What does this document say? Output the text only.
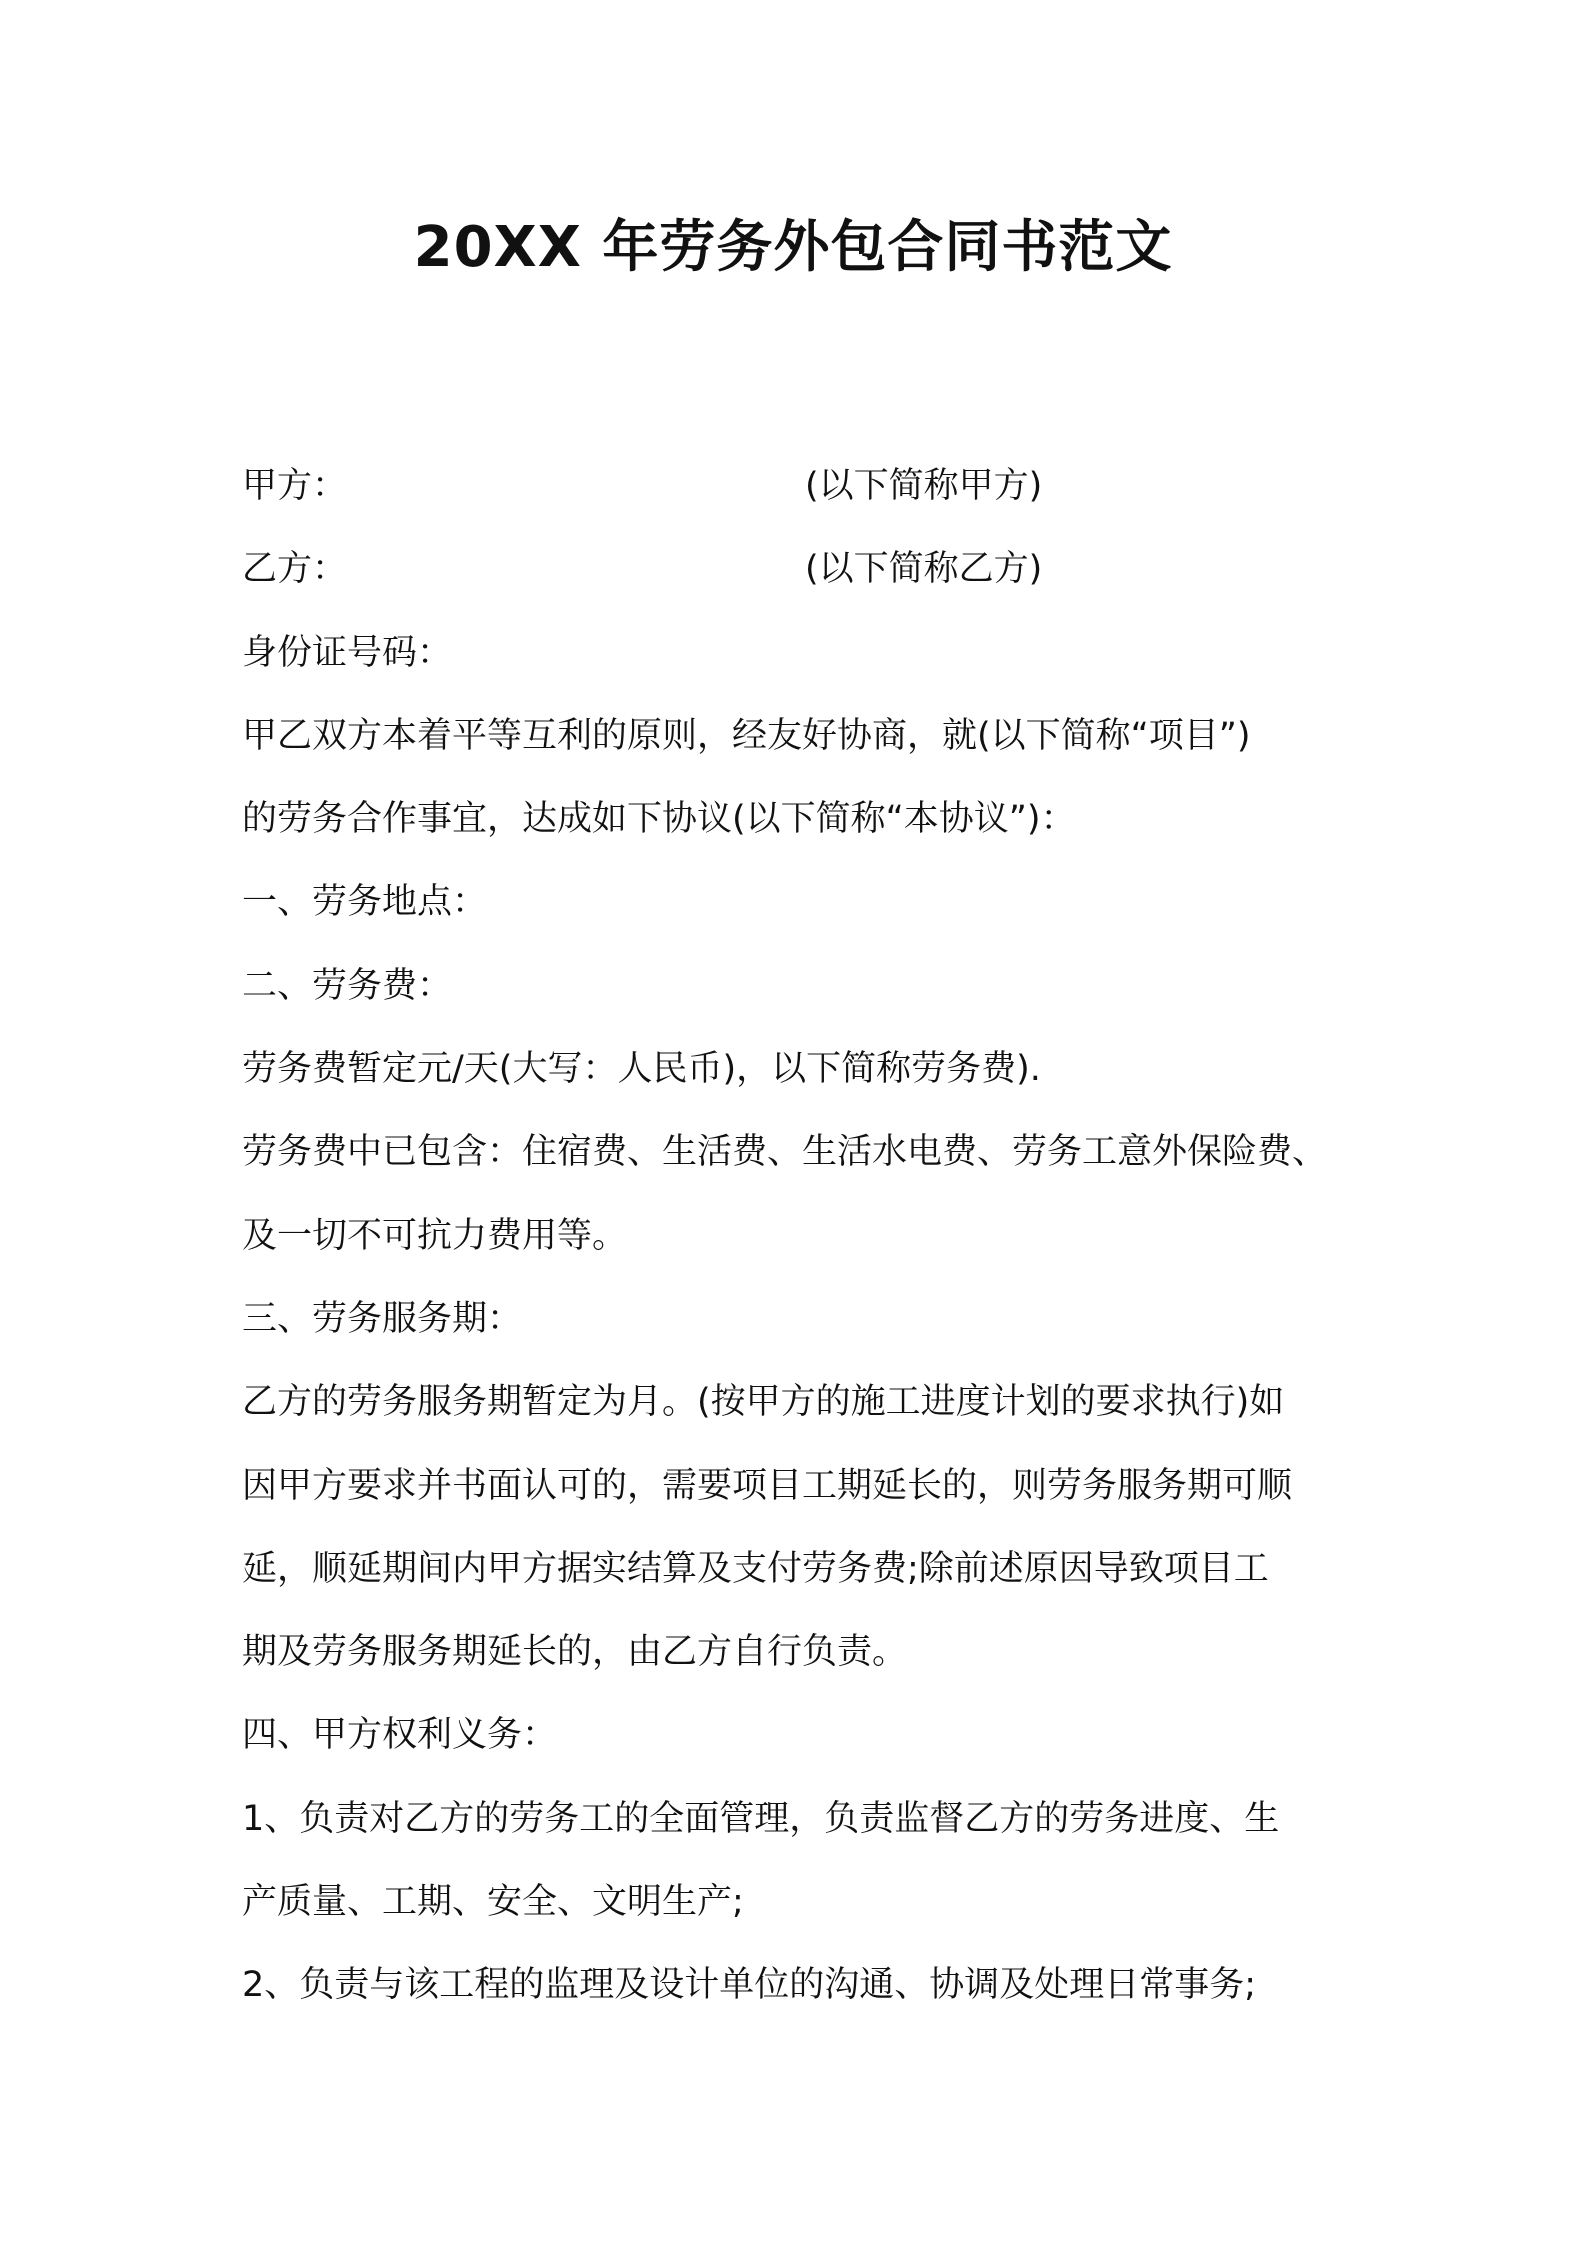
20XX 年劳务外包合同书范文
甲方：	(以下简称甲方)
乙方：	(以下简称乙方)
身份证号码：
甲乙双方本着平等互利的原则，经友好协商，就(以下简称“项目”)
的劳务合作事宜，达成如下协议(以下简称“本协议”)：
一、劳务地点：
二、劳务费：
劳务费暂定元/天(大写：人民币)，以下简称劳务费).
劳务费中已包含：住宿费、生活费、生活水电费、劳务工意外保险费、
及一切不可抗力费用等。
三、劳务服务期：
乙方的劳务服务期暂定为月。(按甲方的施工进度计划的要求执行)如
因甲方要求并书面认可的，需要项目工期延长的，则劳务服务期可顺
延，顺延期间内甲方据实结算及支付劳务费;除前述原因导致项目工
期及劳务服务期延长的，由乙方自行负责。
四、甲方权利义务：
1、负责对乙方的劳务工的全面管理，负责监督乙方的劳务进度、生
产质量、工期、安全、文明生产;
2、负责与该工程的监理及设计单位的沟通、协调及处理日常事务;
